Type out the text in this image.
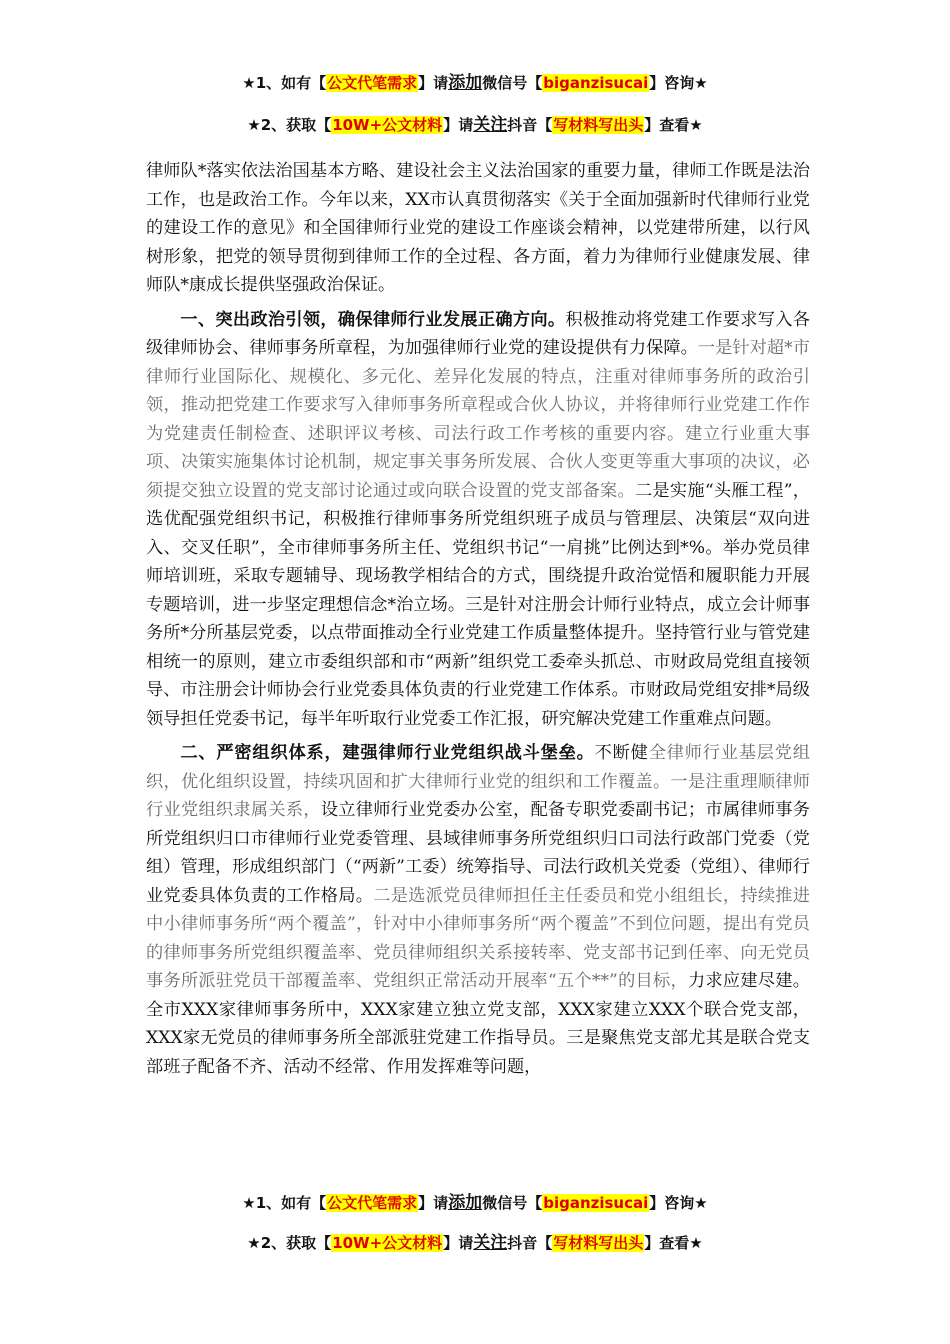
★1、如有【公文代笔需求】请添加微信号【biganzisucai】咨询★
★2、获取【10W+公文材料】请关注抖音【写材料写出头】查看★

律师队*落实依法治国基本方略、建设社会主义法治国家的重要力量，律师工作既是法治工作，也是政治工作。今年以来，XX市认真贯彻落实《关于全面加强新时代律师行业党的建设工作的意见》和全国律师行业党的建设工作座谈会精神，以党建带所建，以行风树形象，把党的领导贯彻到律师工作的全过程、各方面，着力为律师行业健康发展、律师队*康成长提供坚强政治保证。

一、突出政治引领，确保律师行业发展正确方向。积极推动将党建工作要求写入各级律师协会、律师事务所章程，为加强律师行业党的建设提供有力保障。一是针对超*市律师行业国际化、规模化、多元化、差异化发展的特点，注重对律师事务所的政治引领，推动把党建工作要求写入律师事务所章程或合伙人协议，并将律师行业党建工作作为党建责任制检查、述职评议考核、司法行政工作考核的重要内容。建立行业重大事项、决策实施集体讨论机制，规定事关事务所发展、合伙人变更等重大事项的决议，必须提交独立设置的党支部讨论通过或向联合设置的党支部备案。二是实施“头雁工程”，选优配强党组织书记，积极推行律师事务所党组织班子成员与管理层、决策层“双向进入、交叉任职”，全市律师事务所主任、党组织书记“一肩挑”比例达到*%。举办党员律师培训班，采取专题辅导、现场教学相结合的方式，围绕提升政治觉悟和履职能力开展专题培训，进一步坚定理想信念*治立场。三是针对注册会计师行业特点，成立会计师事务所*分所基层党委，以点带面推动全行业党建工作质量整体提升。坚持管行业与管党建相统一的原则，建立市委组织部和市“两新”组织党工委牵头抓总、市财政局党组直接领导、市注册会计师协会行业党委具体负责的行业党建工作体系。市财政局党组安排*局级领导担任党委书记，每半年听取行业党委工作汇报，研究解决党建工作重难点问题。

二、严密组织体系，建强律师行业党组织战斗堡垒。不断健全律师行业基层党组织，优化组织设置，持续巩固和扩大律师行业党的组织和工作覆盖。一是注重理顺律师行业党组织隶属关系，设立律师行业党委办公室，配备专职党委副书记；市属律师事务所党组织归口市律师行业党委管理、县域律师事务所党组织归口司法行政部门党委（党组）管理，形成组织部门（“两新”工委）统筹指导、司法行政机关党委（党组）、律师行业党委具体负责的工作格局。二是选派党员律师担任主任委员和党小组组长，持续推进中小律师事务所“两个覆盖”，针对中小律师事务所“两个覆盖”不到位问题，提出有党员的律师事务所党组织覆盖率、党员律师组织关系接转率、党支部书记到任率、向无党员事务所派驻党员干部覆盖率、党组织正常活动开展率“五个**”的目标，力求应建尽建。全市XXX家律师事务所中，XXX家建立独立党支部，XXX家建立XXX个联合党支部，XXX家无党员的律师事务所全部派驻党建工作指导员。三是聚焦党支部尤其是联合党支部班子配备不齐、活动不经常、作用发挥难等问题，

★1、如有【公文代笔需求】请添加微信号【biganzisucai】咨询★
★2、获取【10W+公文材料】请关注抖音【写材料写出头】查看★
